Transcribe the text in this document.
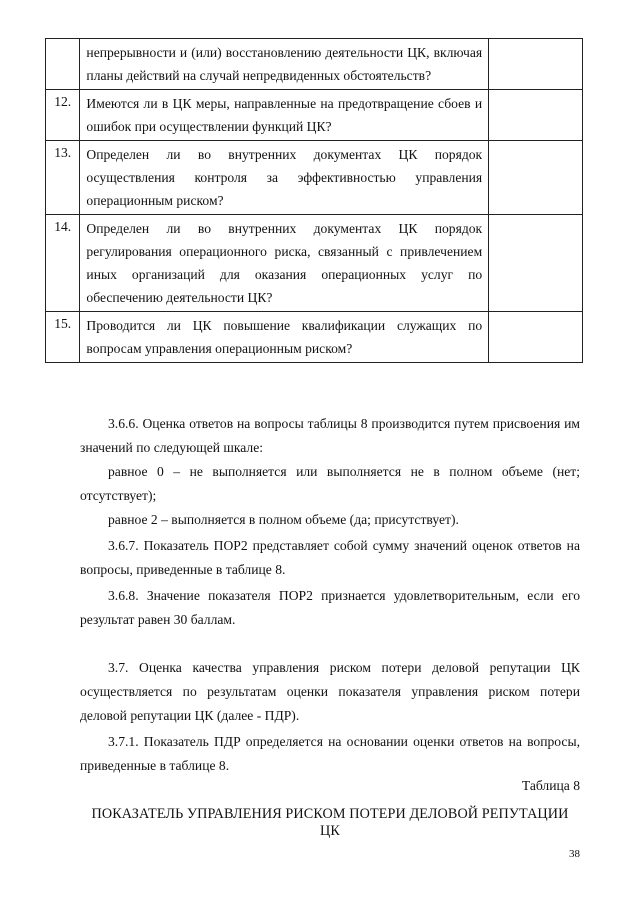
	непрерывности и (или) восстановлению деятельности ЦК, включая планы действий на случай непредвиденных обстоятельств?	
12.	Имеются ли в ЦК меры, направленные на предотвращение сбоев и ошибок при осуществлении функций ЦК?	
13.	Определен ли во внутренних документах ЦК порядок осуществления контроля за эффективностью управления операционным риском?	
14.	Определен ли во внутренних документах ЦК порядок регулирования операционного риска, связанный с привлечением иных организаций для оказания операционных услуг по обеспечению деятельности ЦК?	
15.	Проводится ли ЦК повышение квалификации служащих по вопросам управления операционным риском?	

3.6.6. Оценка ответов на вопросы таблицы 8 производится путем присвоения им значений по следующей шкале:

равное 0 – не выполняется или выполняется не в полном объеме (нет; отсутствует);

равное 2 – выполняется в полном объеме (да; присутствует).

3.6.7. Показатель ПОР2 представляет собой сумму значений оценок ответов на вопросы, приведенные в таблице 8.

3.6.8. Значение показателя ПОР2 признается удовлетворительным, если его результат равен 30 баллам.

3.7. Оценка качества управления риском потери деловой репутации ЦК осуществляется по результатам оценки показателя управления риском потери деловой репутации ЦК (далее - ПДР).

3.7.1. Показатель ПДР определяется на основании оценки ответов на вопросы, приведенные в таблице 8.

Таблица 8
ПОКАЗАТЕЛЬ УПРАВЛЕНИЯ РИСКОМ ПОТЕРИ ДЕЛОВОЙ РЕПУТАЦИИ ЦК
38
